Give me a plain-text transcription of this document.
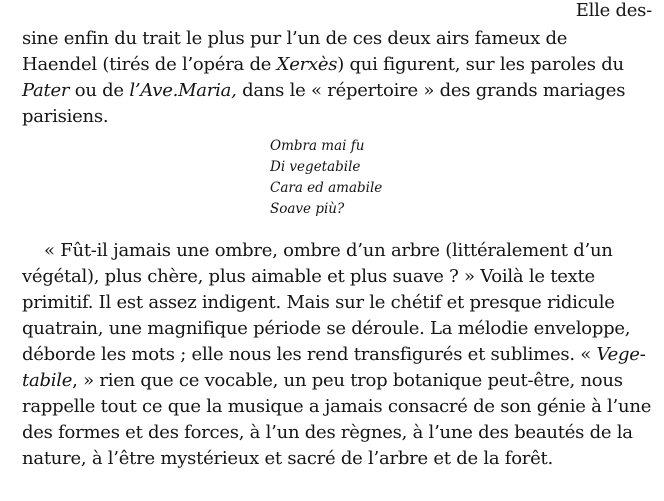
Elle des-
sine enfin du trait le plus pur l’un de ces deux airs fameux de
Haendel (tirés de l’opéra de Xerxès) qui figurent, sur les paroles du
Pater ou de l’Ave.Maria, dans le « répertoire » des grands mariages
parisiens.
Ombra mai fu
Di vegetabile
Cara ed amabile
Soave più?
« Fût-il jamais une ombre, ombre d’un arbre (littéralement d’un
végétal), plus chère, plus aimable et plus suave ? » Voilà le texte
primitif. Il est assez indigent. Mais sur le chétif et presque ridicule
quatrain, une magnifique période se déroule. La mélodie enveloppe,
déborde les mots ; elle nous les rend transfigurés et sublimes. « Vege-
tabile, » rien que ce vocable, un peu trop botanique peut-être, nous
rappelle tout ce que la musique a jamais consacré de son génie à l’une
des formes et des forces, à l’un des règnes, à l’une des beautés de la
nature, à l’être mystérieux et sacré de l’arbre et de la forêt.
